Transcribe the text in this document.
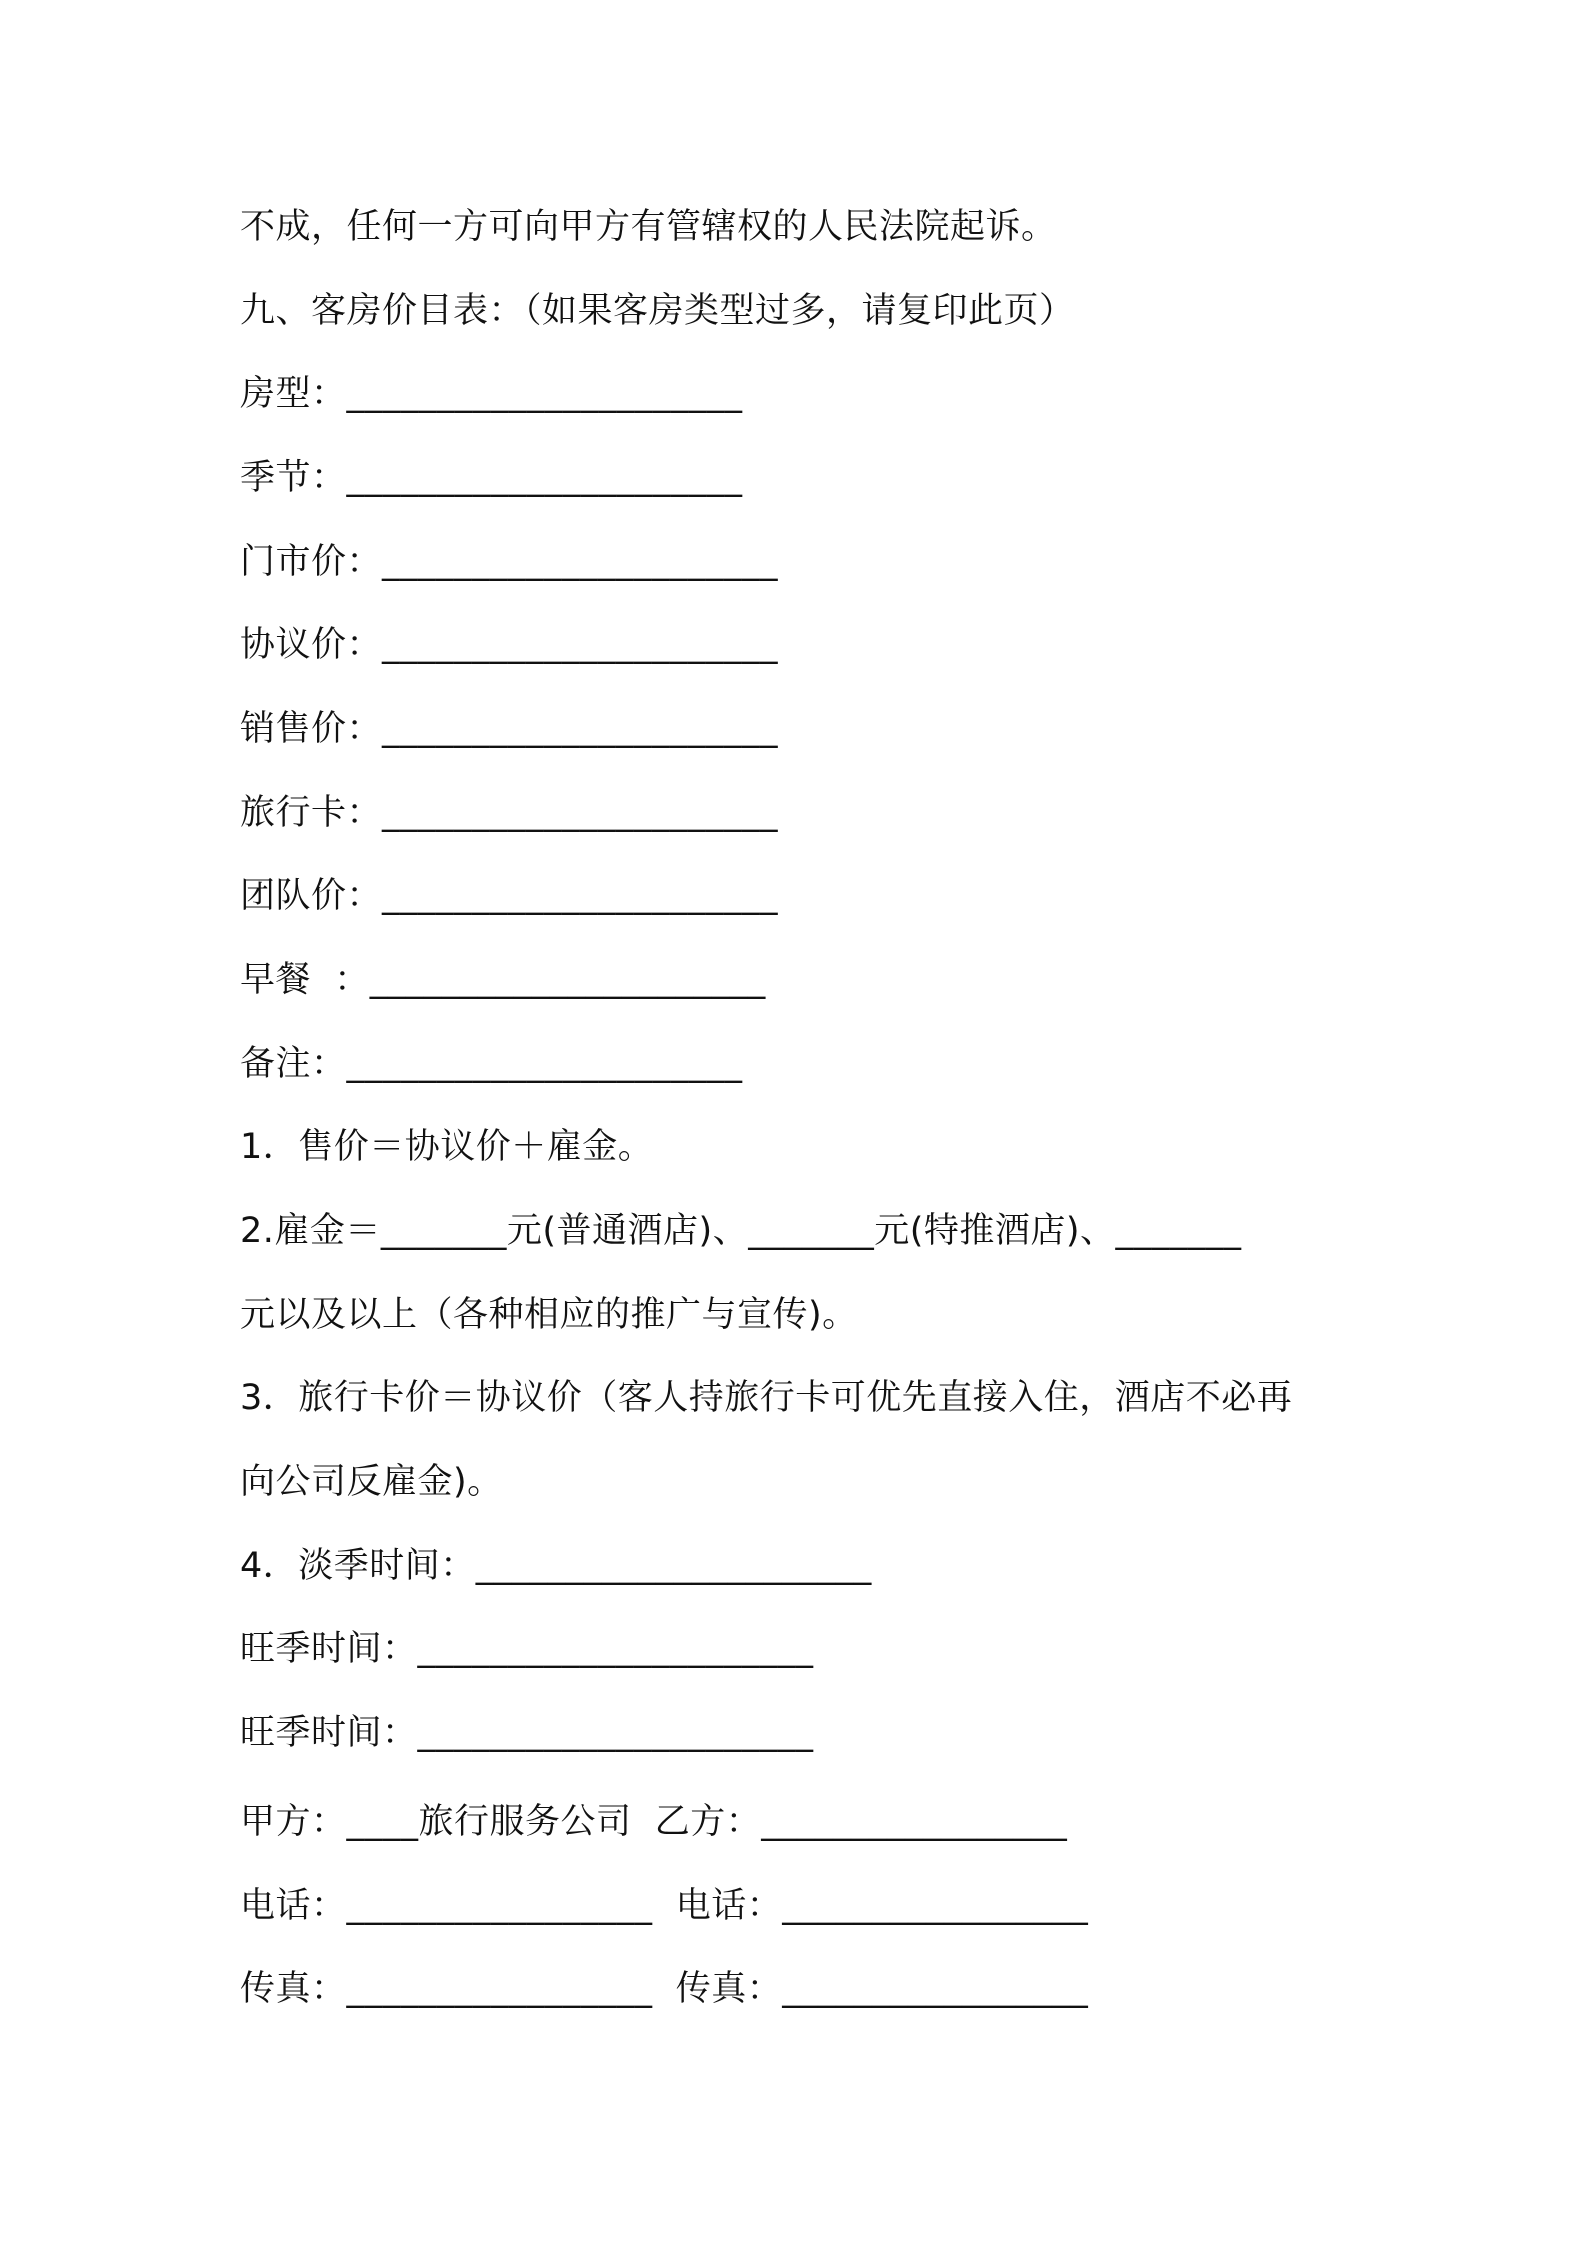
不成，任何一方可向甲方有管辖权的人民法院起诉。
九、客房价目表：（如果客房类型过多，请复印此页）
房型：______________________
季节：______________________
门市价：______________________
协议价：______________________
销售价：______________________
旅行卡：______________________
团队价：______________________
早餐  ：______________________
备注：______________________
1．售价＝协议价＋雇金。
2.雇金＝_______元(普通酒店)、_______元(特推酒店)、_______
元以及以上（各种相应的推广与宣传)。
3．旅行卡价＝协议价（客人持旅行卡可优先直接入住，酒店不必再
向公司反雇金)。
4．淡季时间：______________________
旺季时间：______________________
旺季时间：______________________
甲方：____旅行服务公司  乙方：_________________
电话：_________________  电话：_________________
传真：_________________  传真：_________________
